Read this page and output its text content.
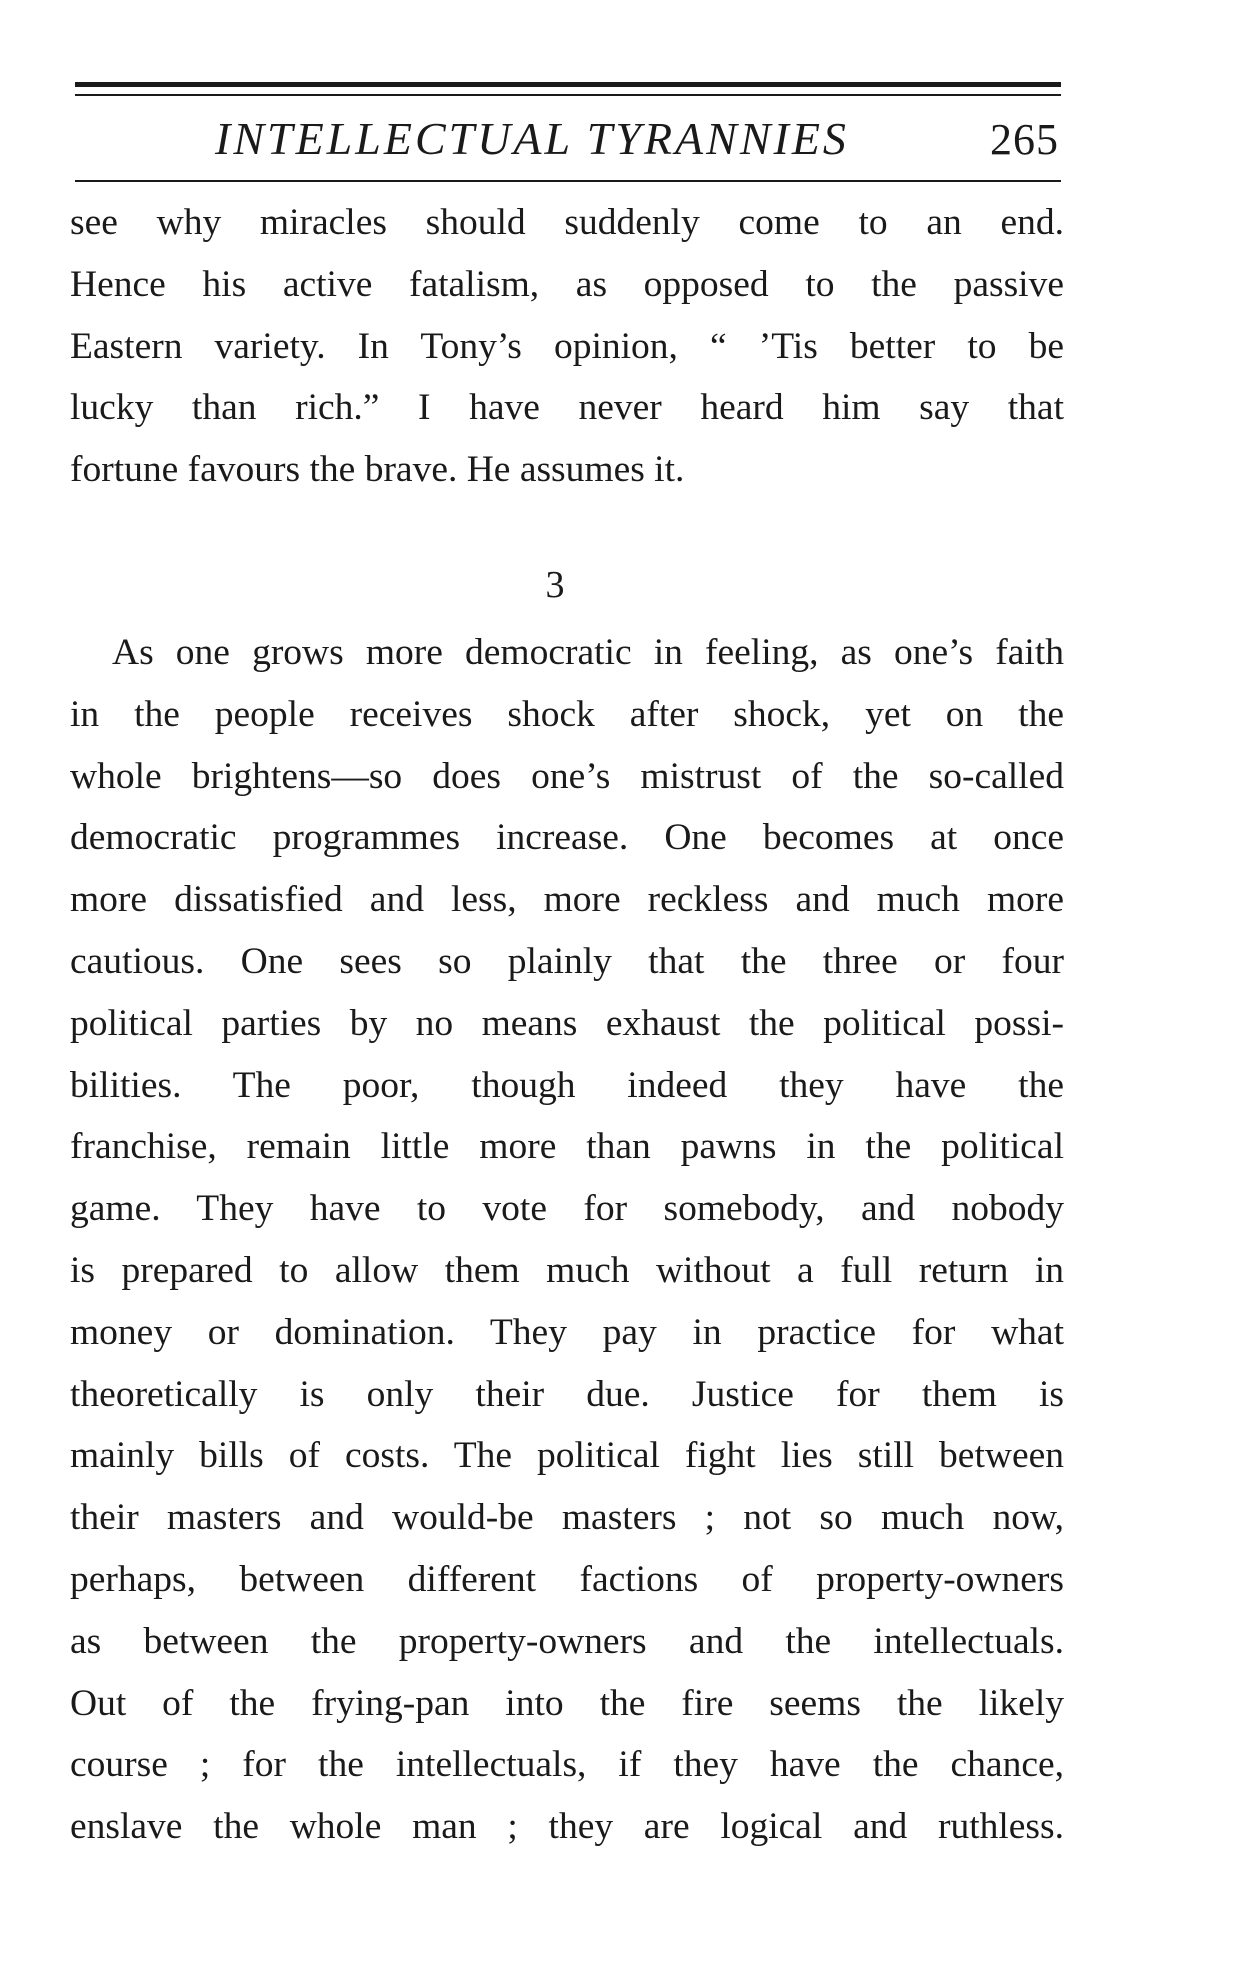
INTELLECTUAL TYRANNIES	265
see why miracles should suddenly come to an end.
Hence his active fatalism, as opposed to the passive
Eastern variety. In Tony’s opinion, “ ’Tis better to be
lucky than rich.” I have never heard him say that
fortune favours the brave. He assumes it.
3
As one grows more democratic in feeling, as one’s faith
in the people receives shock after shock, yet on the
whole brightens—so does one’s mistrust of the so-called
democratic programmes increase. One becomes at once
more dissatisfied and less, more reckless and much more
cautious. One sees so plainly that the three or four
political parties by no means exhaust the political possi-
bilities. The poor, though indeed they have the
franchise, remain little more than pawns in the political
game. They have to vote for somebody, and nobody
is prepared to allow them much without a full return in
money or domination. They pay in practice for what
theoretically is only their due. Justice for them is
mainly bills of costs. The political fight lies still between
their masters and would-be masters ; not so much now,
perhaps, between different factions of property-owners
as between the property-owners and the intellectuals.
Out of the frying-pan into the fire seems the likely
course ; for the intellectuals, if they have the chance,
enslave the whole man ; they are logical and ruthless.
